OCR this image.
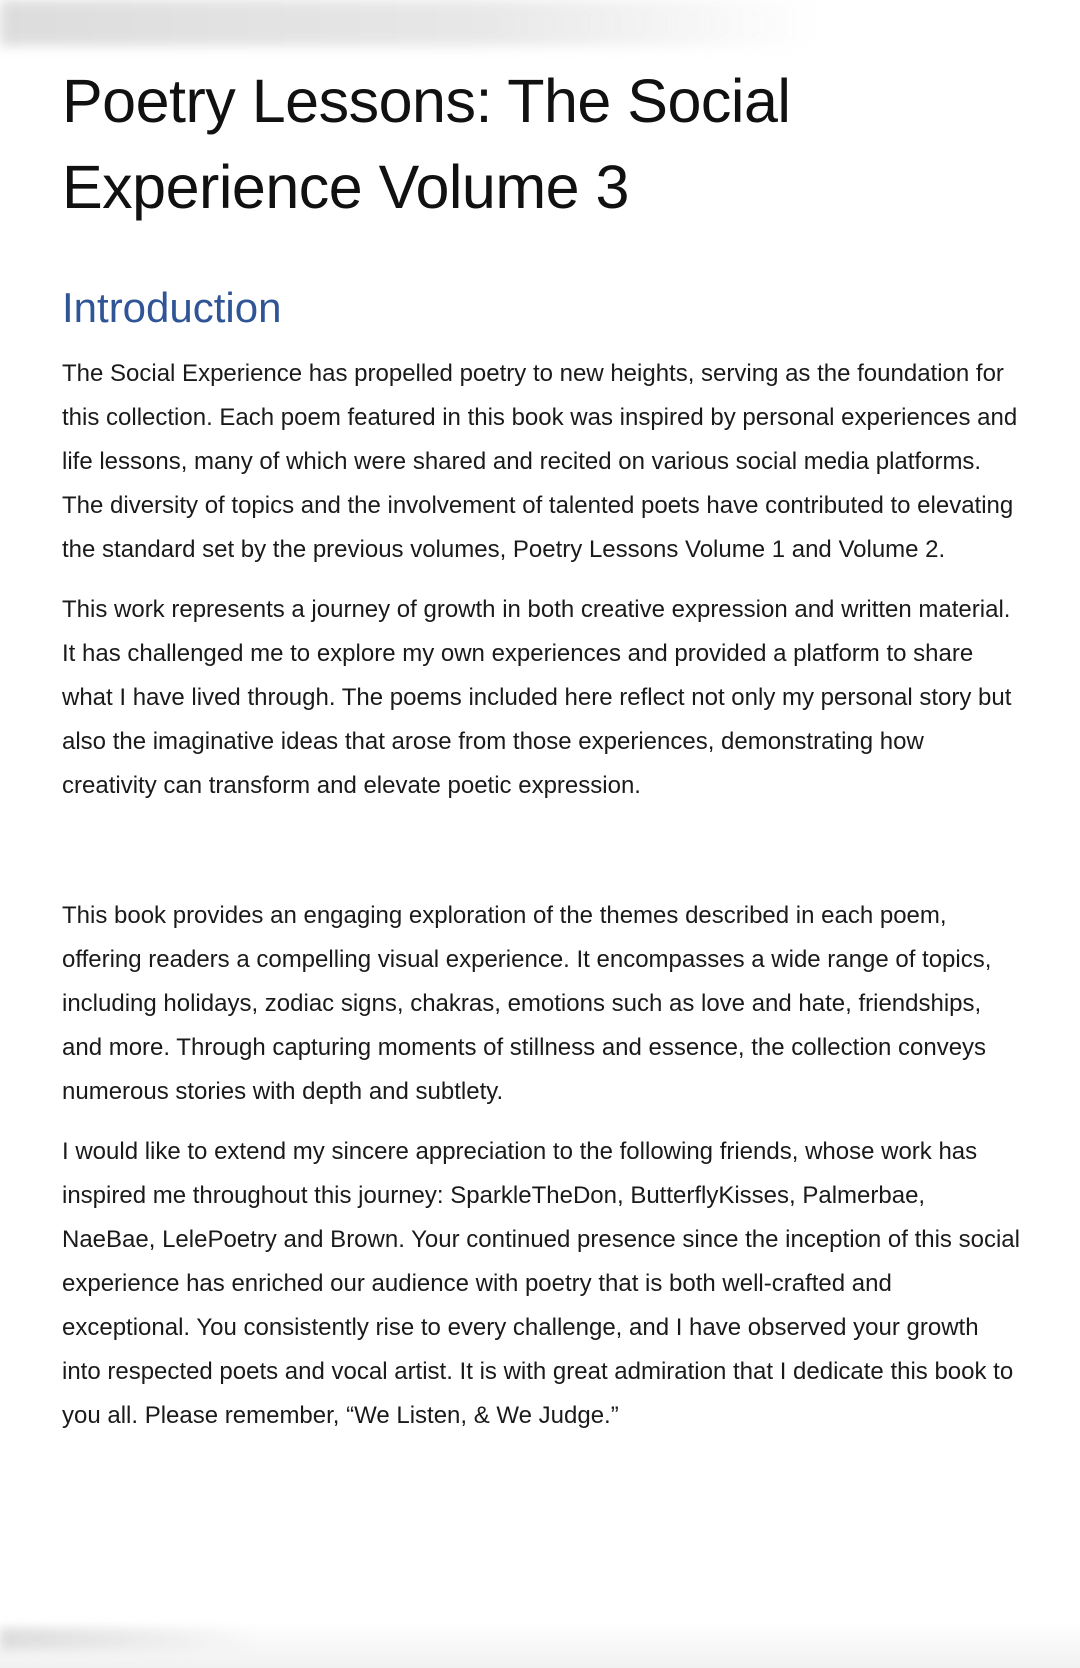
Poetry Lessons: The Social Experience Volume 3
Introduction

The Social Experience has propelled poetry to new heights, serving as the foundation for this collection. Each poem featured in this book was inspired by personal experiences and life lessons, many of which were shared and recited on various social media platforms. The diversity of topics and the involvement of talented poets have contributed to elevating the standard set by the previous volumes, Poetry Lessons Volume 1 and Volume 2.

This work represents a journey of growth in both creative expression and written material. It has challenged me to explore my own experiences and provided a platform to share what I have lived through. The poems included here reflect not only my personal story but also the imaginative ideas that arose from those experiences, demonstrating how creativity can transform and elevate poetic expression.

This book provides an engaging exploration of the themes described in each poem, offering readers a compelling visual experience. It encompasses a wide range of topics, including holidays, zodiac signs, chakras, emotions such as love and hate, friendships, and more. Through capturing moments of stillness and essence, the collection conveys numerous stories with depth and subtlety.

I would like to extend my sincere appreciation to the following friends, whose work has inspired me throughout this journey: SparkleTheDon, ButterflyKisses, Palmerbae, NaeBae, LelePoetry and Brown. Your continued presence since the inception of this social experience has enriched our audience with poetry that is both well-crafted and exceptional. You consistently rise to every challenge, and I have observed your growth into respected poets and vocal artist. It is with great admiration that I dedicate this book to you all. Please remember, “We Listen, & We Judge.”
